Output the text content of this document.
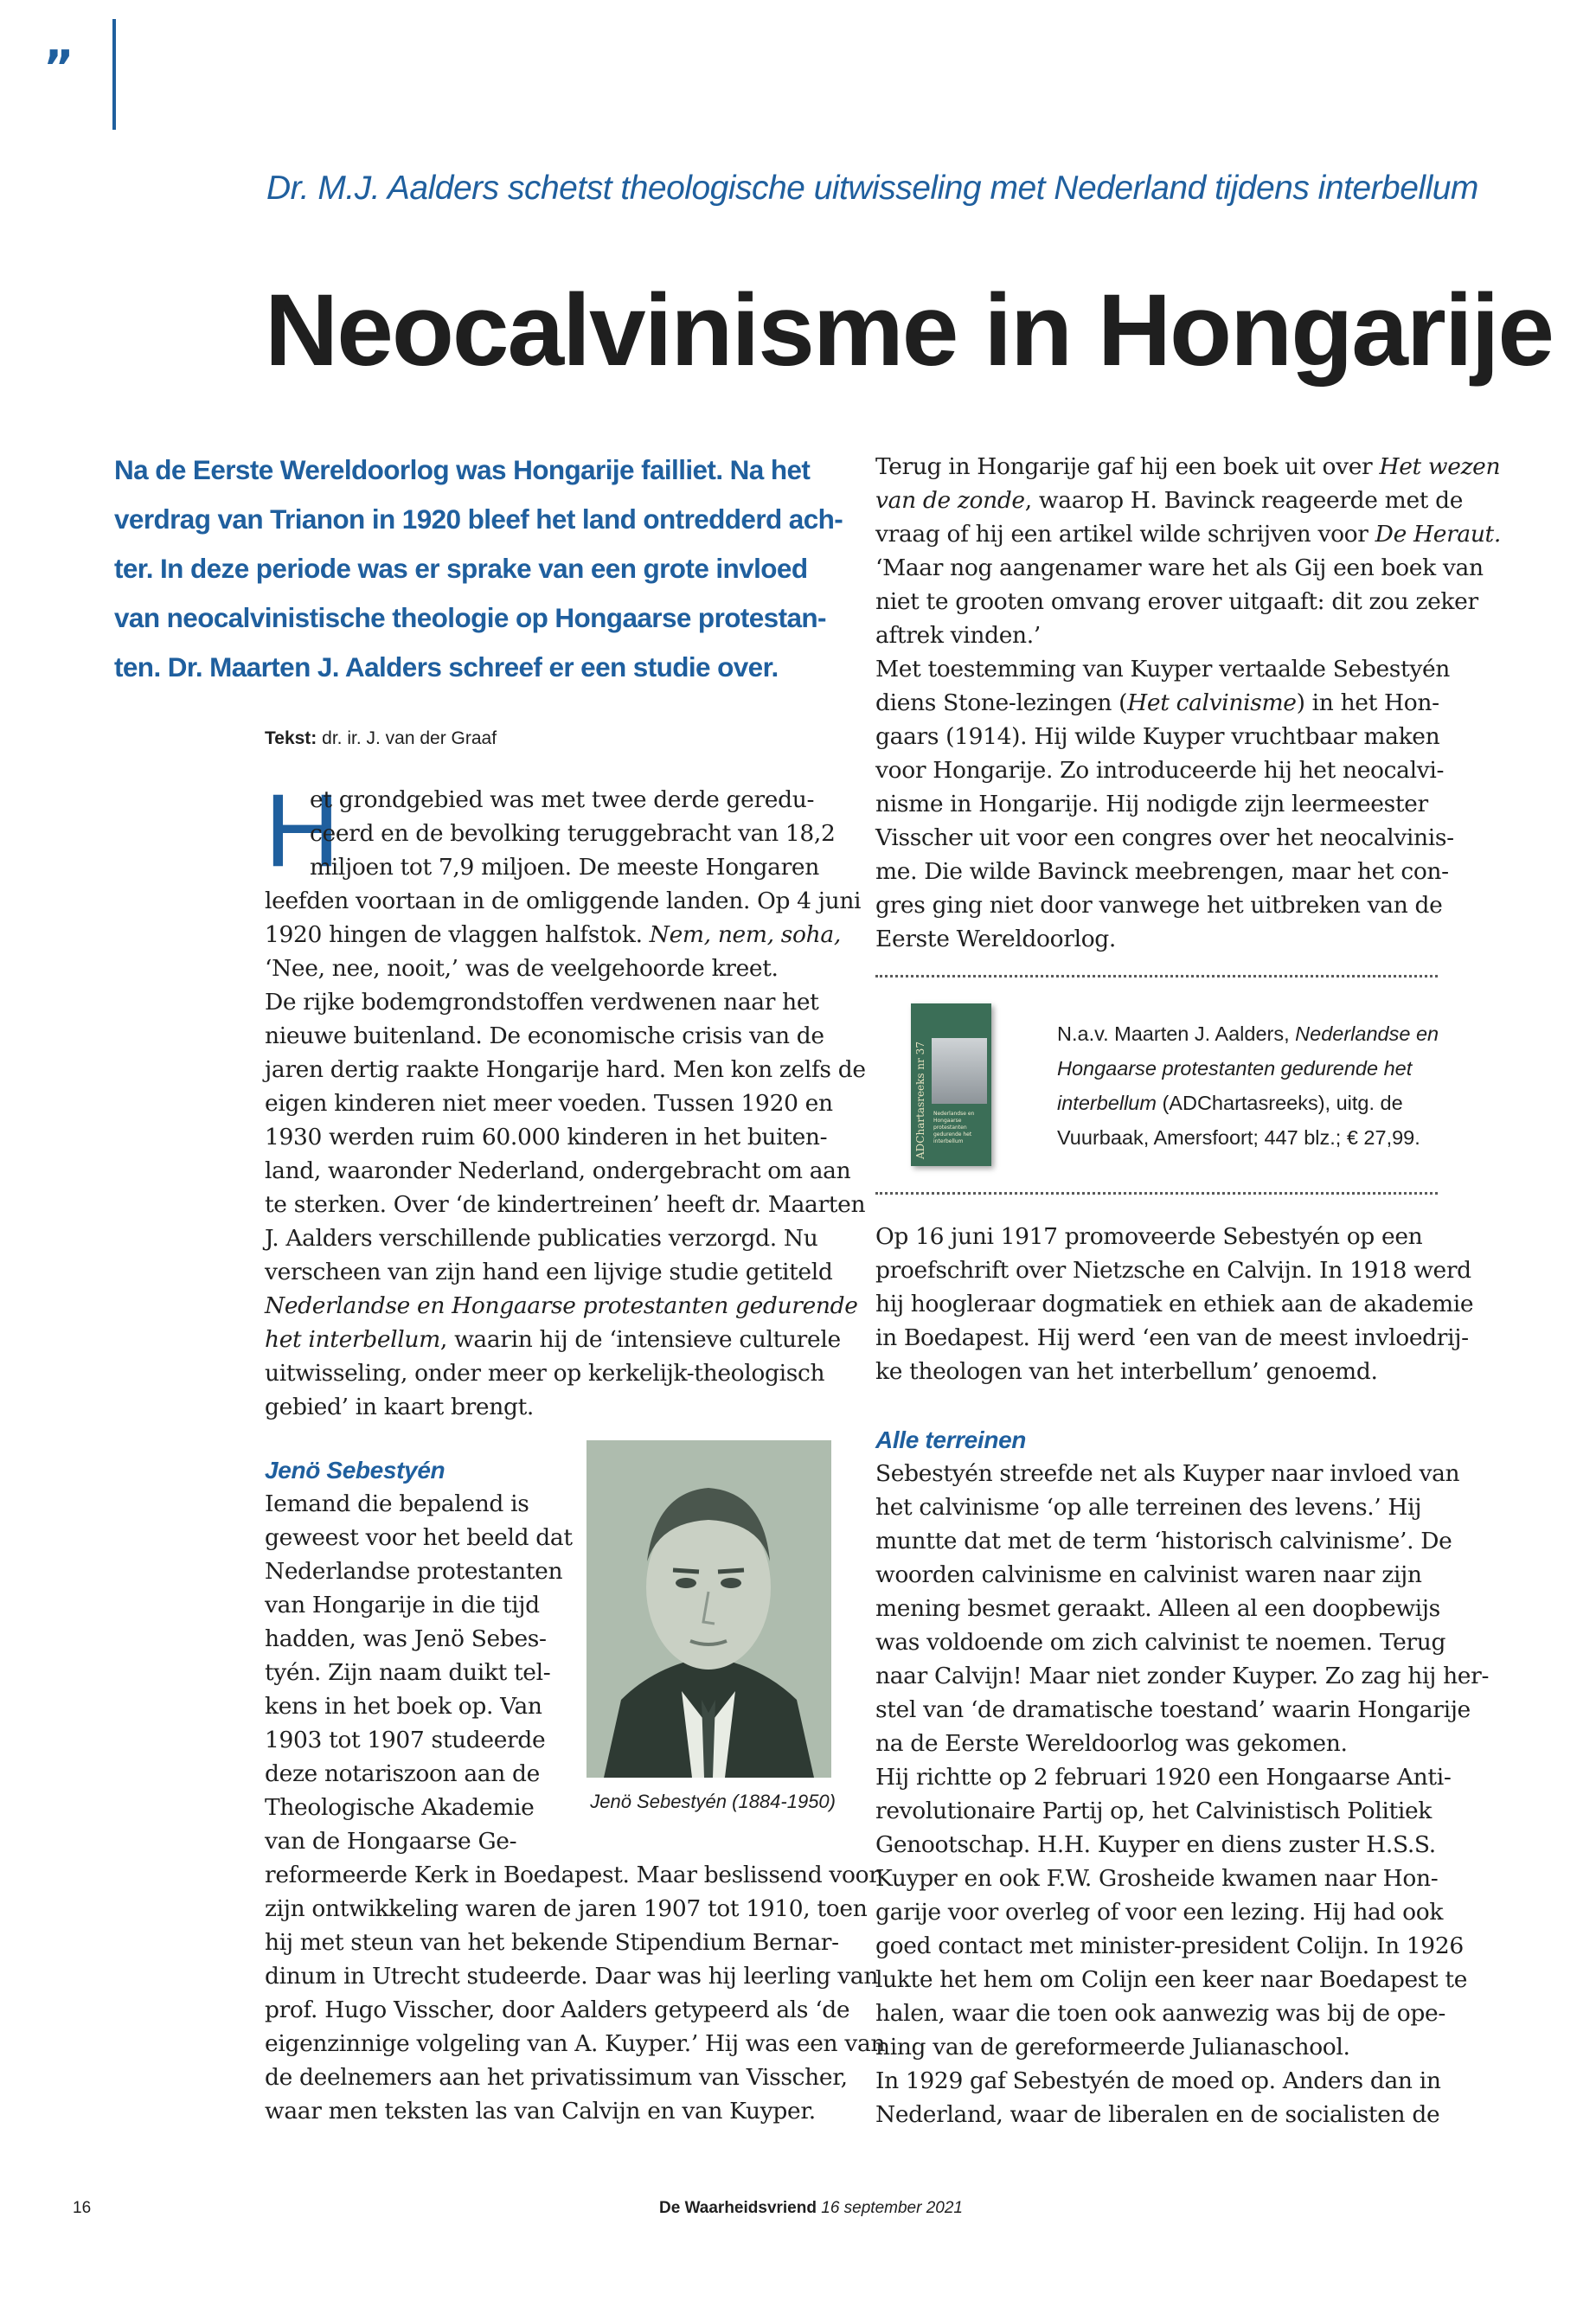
”
Dr. M.J. Aalders schetst theologische uitwisseling met Nederland tijdens interbellum
Neocalvinisme in Hongarije
Na de Eerste Wereldoorlog was Hongarije failliet. Na het
verdrag van Trianon in 1920 bleef het land ontredderd ach-
ter. In deze periode was er sprake van een grote invloed
van neocalvinistische theologie op Hongaarse protestan-
ten. Dr. Maarten J. Aalders schreef er een studie over.
Tekst: dr. ir. J. van der Graaf
H
et grondgebied was met twee derde geredu-
ceerd en de bevolking teruggebracht van 18,2
miljoen tot 7,9 miljoen. De meeste Hongaren
leefden voortaan in de omliggende landen. Op 4 juni
1920 hingen de vlaggen halfstok. Nem, nem, soha,
‘Nee, nee, nooit,’ was de veelgehoorde kreet.
De rijke bodemgrondstoffen verdwenen naar het
nieuwe buitenland. De economische crisis van de
jaren dertig raakte Hongarije hard. Men kon zelfs de
eigen kinderen niet meer voeden. Tussen 1920 en
1930 werden ruim 60.000 kinderen in het buiten-
land, waaronder Nederland, ondergebracht om aan
te sterken. Over ‘de kindertreinen’ heeft dr. Maarten
J. Aalders verschillende publicaties verzorgd. Nu
verscheen van zijn hand een lijvige studie getiteld
Nederlandse en Hongaarse protestanten gedurende
het interbellum, waarin hij de ‘intensieve culturele
uitwisseling, onder meer op kerkelijk-theologisch
gebied’ in kaart brengt.
Jenö Sebestyén
Iemand die bepalend is
geweest voor het beeld dat
Nederlandse protestanten
van Hongarije in die tijd
hadden, was Jenö Sebes-
tyén. Zijn naam duikt tel-
kens in het boek op. Van
1903 tot 1907 studeerde
deze notariszoon aan de
Theologische Akademie
van de Hongaarse Ge-
reformeerde Kerk in Boedapest. Maar beslissend voor
zijn ontwikkeling waren de jaren 1907 tot 1910, toen
hij met steun van het bekende Stipendium Bernar-
dinum in Utrecht studeerde. Daar was hij leerling van
prof. Hugo Visscher, door Aalders getypeerd als ‘de
eigenzinnige volgeling van A. Kuyper.’ Hij was een van
de deelnemers aan het privatissimum van Visscher,
waar men teksten las van Calvijn en van Kuyper.
Jenö Sebestyén (1884-1950)
Terug in Hongarije gaf hij een boek uit over Het wezen
van de zonde, waarop H. Bavinck reageerde met de
vraag of hij een artikel wilde schrijven voor De Heraut.
‘Maar nog aangenamer ware het als Gij een boek van
niet te grooten omvang erover uitgaaft: dit zou zeker
aftrek vinden.’
Met toestemming van Kuyper vertaalde Sebestyén
diens Stone-lezingen (Het calvinisme) in het Hon-
gaars (1914). Hij wilde Kuyper vruchtbaar maken
voor Hongarije. Zo introduceerde hij het neocalvi-
nisme in Hongarije. Hij nodigde zijn leermeester
Visscher uit voor een congres over het neocalvinis-
me. Die wilde Bavinck meebrengen, maar het con-
gres ging niet door vanwege het uitbreken van de
Eerste Wereldoorlog.
ADChartasreeks nr 37	Nederlandse en Hongaarse protestanten gedurende het interbellum
N.a.v. Maarten J. Aalders, Nederlandse en
Hongaarse protestanten gedurende het
interbellum (ADChartasreeks), uitg. de
Vuurbaak, Amersfoort; 447 blz.; € 27,99.
Op 16 juni 1917 promoveerde Sebestyén op een
proefschrift over Nietzsche en Calvijn. In 1918 werd
hij hoogleraar dogmatiek en ethiek aan de akademie
in Boedapest. Hij werd ‘een van de meest invloedrij-
ke theologen van het interbellum’ genoemd.
Alle terreinen
Sebestyén streefde net als Kuyper naar invloed van
het calvinisme ‘op alle terreinen des levens.’ Hij
muntte dat met de term ‘historisch calvinisme’. De
woorden calvinisme en calvinist waren naar zijn
mening besmet geraakt. Alleen al een doopbewijs
was voldoende om zich calvinist te noemen. Terug
naar Calvijn! Maar niet zonder Kuyper. Zo zag hij her-
stel van ‘de dramatische toestand’ waarin Hongarije
na de Eerste Wereldoorlog was gekomen.
Hij richtte op 2 februari 1920 een Hongaarse Anti-
revolutionaire Partij op, het Calvinistisch Politiek
Genootschap. H.H. Kuyper en diens zuster H.S.S.
Kuyper en ook F.W. Grosheide kwamen naar Hon-
garije voor overleg of voor een lezing. Hij had ook
goed contact met minister-president Colijn. In 1926
lukte het hem om Colijn een keer naar Boedapest te
halen, waar die toen ook aanwezig was bij de ope-
ning van de gereformeerde Julianaschool.
In 1929 gaf Sebestyén de moed op. Anders dan in
Nederland, waar de liberalen en de socialisten de
16	De Waarheidsvriend 16 september 2021
